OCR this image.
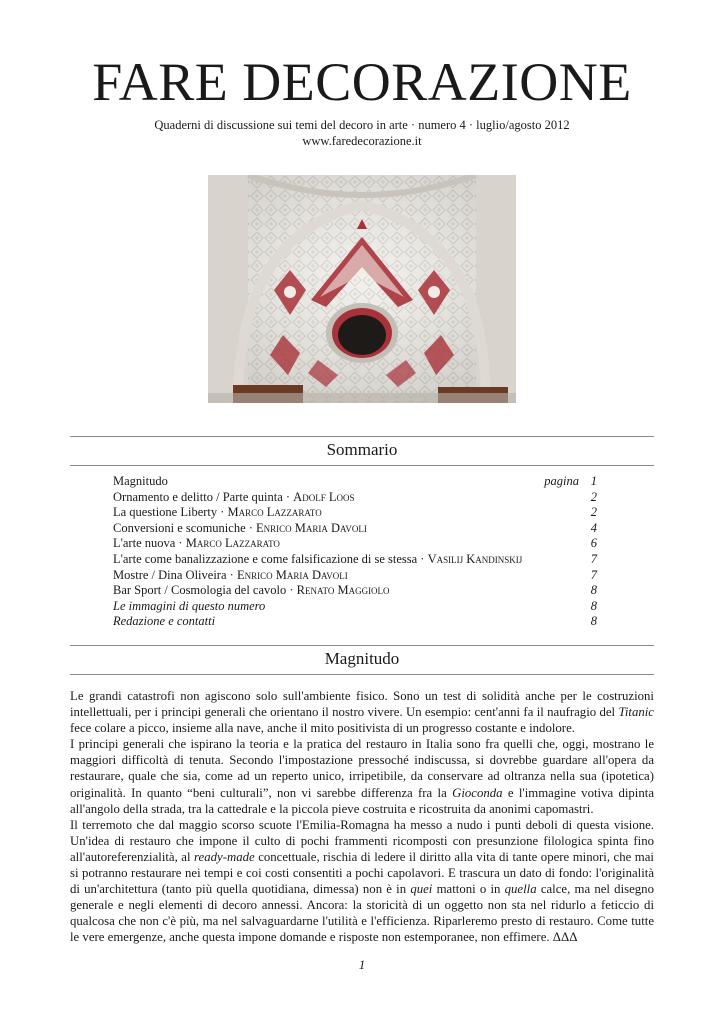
FARE DECORAZIONE
Quaderni di discussione sui temi del decoro in arte · numero 4 · luglio/agosto 2012
www.faredecorazione.it
Sommario
Magnitudo	pagina 1
Ornamento e delitto / Parte quinta · Adolf Loos	2
La questione Liberty · Marco Lazzarato	2
Conversioni e scomuniche · Enrico Maria Davoli	4
L'arte nuova · Marco Lazzarato	6
L'arte come banalizzazione e come falsificazione di se stessa · Vasilij Kandinskij	7
Mostre / Dina Oliveira · Enrico Maria Davoli	7
Bar Sport / Cosmologia del cavolo · Renato Maggiolo	8
Le immagini di questo numero	8
Redazione e contatti	8
Magnitudo

Le grandi catastrofi non agiscono solo sull'ambiente fisico. Sono un test di solidità anche per le costruzioni intellettuali, per i principi generali che orientano il nostro vivere. Un esempio: cent'anni fa il naufragio del Titanic fece colare a picco, insieme alla nave, anche il mito positivista di un progresso costante e indolore.

I principi generali che ispirano la teoria e la pratica del restauro in Italia sono fra quelli che, oggi, mostrano le maggiori difficoltà di tenuta. Secondo l'impostazione pressoché indiscussa, si dovrebbe guardare all'opera da restaurare, quale che sia, come ad un reperto unico, irripetibile, da conservare ad oltranza nella sua (ipotetica) originalità. In quanto “beni culturali”, non vi sarebbe differenza fra la Gioconda e l'immagine votiva dipinta all'angolo della strada, tra la cattedrale e la piccola pieve costruita e ricostruita da anonimi capomastri.

Il terremoto che dal maggio scorso scuote l'Emilia-Romagna ha messo a nudo i punti deboli di questa visione. Un'idea di restauro che impone il culto di pochi frammenti ricomposti con presunzione filologica spinta fino all'autoreferenzialità, al ready-made concettuale, rischia di ledere il diritto alla vita di tante opere minori, che mai si potranno restaurare nei tempi e coi costi consentiti a pochi capolavori. E trascura un dato di fondo: l'originalità di un'architettura (tanto più quella quotidiana, dimessa) non è in quei mattoni o in quella calce, ma nel disegno generale e negli elementi di decoro annessi. Ancora: la storicità di un oggetto non sta nel ridurlo a feticcio di qualcosa che non c'è più, ma nel salvaguardarne l'utilità e l'efficienza. Riparleremo presto di restauro. Come tutte le vere emergenze, anche questa impone domande e risposte non estemporanee, non effimere. ΔΔΔ

1
